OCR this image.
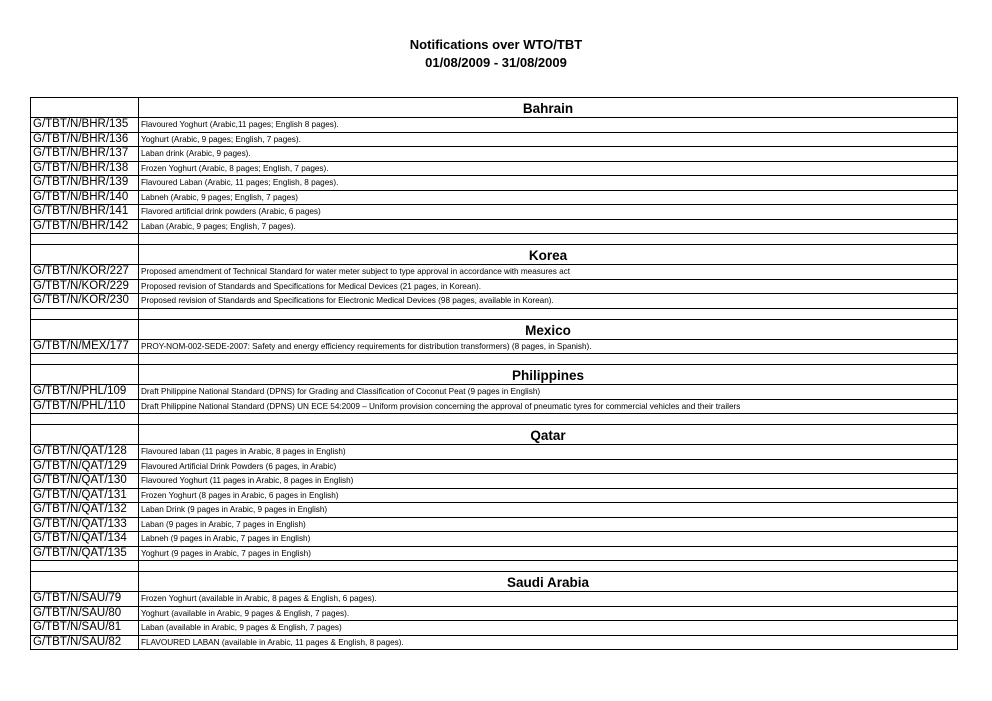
Notifications over WTO/TBT
01/08/2009 - 31/08/2009
	Bahrain
G/TBT/N/BHR/135	Flavoured Yoghurt (Arabic,11 pages; English 8 pages).
G/TBT/N/BHR/136	Yoghurt (Arabic, 9 pages; English, 7 pages).
G/TBT/N/BHR/137	Laban drink (Arabic, 9 pages).
G/TBT/N/BHR/138	Frozen Yoghurt (Arabic, 8 pages; English, 7 pages).
G/TBT/N/BHR/139	Flavoured Laban (Arabic, 11 pages; English, 8 pages).
G/TBT/N/BHR/140	Labneh (Arabic, 9 pages; English, 7 pages)
G/TBT/N/BHR/141	Flavored artificial drink powders (Arabic, 6 pages)
G/TBT/N/BHR/142	Laban (Arabic, 9 pages; English, 7 pages).

	Korea
G/TBT/N/KOR/227	Proposed amendment of Technical Standard for water meter subject to type approval in accordance with measures act
G/TBT/N/KOR/229	Proposed revision of Standards and Specifications for Medical Devices (21 pages, in Korean).
G/TBT/N/KOR/230	Proposed revision of Standards and Specifications for Electronic Medical Devices (98 pages, available in Korean).

	Mexico
G/TBT/N/MEX/177	PROY-NOM-002-SEDE-2007: Safety and energy efficiency requirements for distribution transformers) (8 pages, in Spanish).

	Philippines
G/TBT/N/PHL/109	Draft Philippine National Standard (DPNS) for Grading and Classification of Coconut Peat (9 pages in English)
G/TBT/N/PHL/110	Draft Philippine National Standard (DPNS) UN ECE 54:2009 – Uniform provision concerning the approval of pneumatic tyres for commercial vehicles and their trailers

	Qatar
G/TBT/N/QAT/128	Flavoured laban (11 pages in Arabic, 8 pages in English)
G/TBT/N/QAT/129	Flavoured Artificial Drink Powders (6 pages, in Arabic)
G/TBT/N/QAT/130	Flavoured Yoghurt (11 pages in Arabic, 8 pages in English)
G/TBT/N/QAT/131	Frozen Yoghurt (8 pages in Arabic, 6 pages in English)
G/TBT/N/QAT/132	Laban Drink (9 pages in Arabic, 9 pages in English)
G/TBT/N/QAT/133	Laban (9 pages in Arabic, 7 pages in English)
G/TBT/N/QAT/134	Labneh (9 pages in Arabic, 7 pages in English)
G/TBT/N/QAT/135	Yoghurt (9 pages in Arabic, 7 pages in English)

	Saudi Arabia
G/TBT/N/SAU/79	Frozen Yoghurt (available in Arabic, 8 pages & English, 6 pages).
G/TBT/N/SAU/80	Yoghurt (available in Arabic, 9 pages & English, 7 pages).
G/TBT/N/SAU/81	Laban (available in Arabic, 9 pages & English, 7 pages)
G/TBT/N/SAU/82	FLAVOURED LABAN (available in Arabic, 11 pages & English, 8 pages).
